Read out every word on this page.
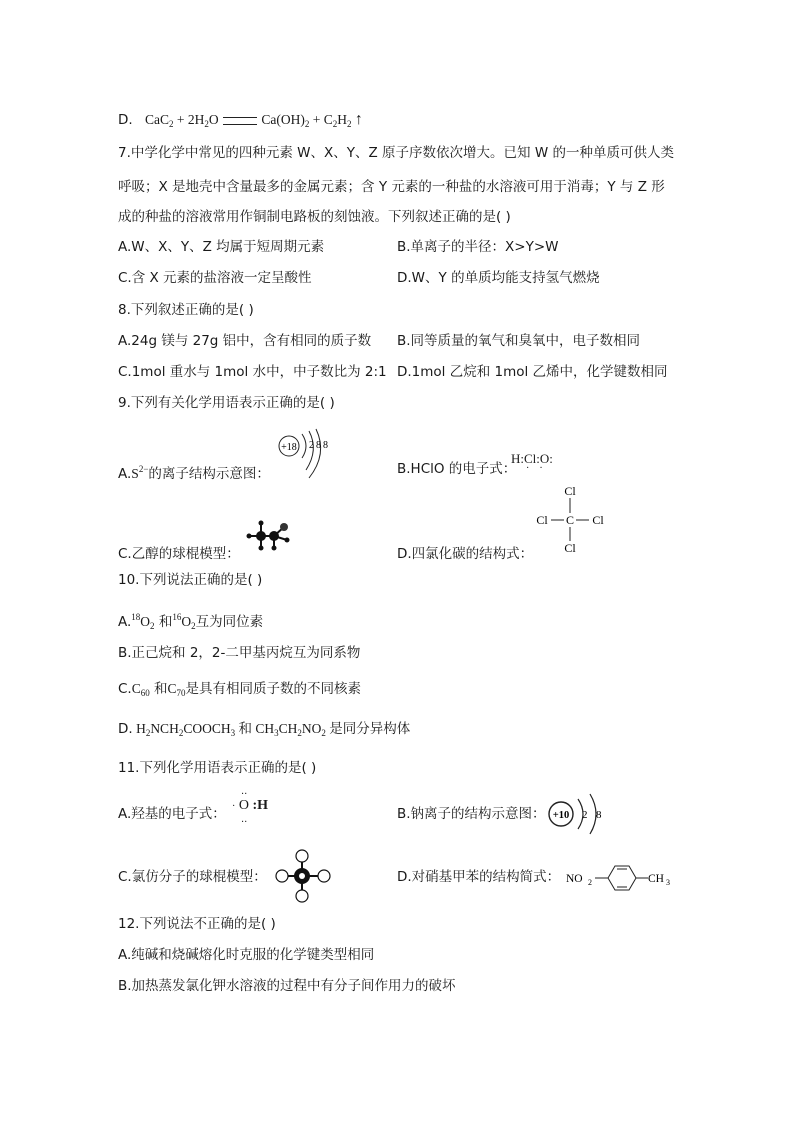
D. $CaC_2 + 2H_2O$	$Ca(OH)_2 + C_2H_2$ ↑
7.中学化学中常见的四种元素 W、X、Y、Z 原子序数依次增大。已知 W 的一种单质可供人类
呼吸；X 是地壳中含量最多的金属元素；含 Y 元素的一种盐的水溶液可用于消毒；Y 与 Z 形
成的种盐的溶液常用作铜制电路板的刻蚀液。下列叙述正确的是( )
A.W、X、Y、Z 均属于短周期元素	B.单离子的半径：X>Y>W
C.含 X 元素的盐溶液一定呈酸性	D.W、Y 的单质均能支持氢气燃烧
8.下列叙述正确的是( )
A.24g 镁与 27g 铝中，含有相同的质子数 B.同等质量的氧气和臭氧中，电子数相同
C.1mol 重水与 1mol 水中，中子数比为 2:1 D.1mol 乙烷和 1mol 乙烯中，化学键数相同
9.下列有关化学用语表示正确的是( )
$A.S^{2-}$的离子结构示意图：
+18 2 8 8
B.HClO 的电子式：
H:Cl:O:
··
C.乙醇的球棍模型：	D.四氯化碳的结构式：
Cl
C
Cl	Cl
Cl
10.下列说法正确的是( )
$A.^{18}O_2$ 和$^{16}O_2$互为同位素
B.正己烷和 2，2-二甲基丙烷互为同系物
$C.C_{60}$ 和$C_{70}$是具有相同质子数的不同核素
D. $H_2NCH_2COOCH_3$ 和 $CH_3CH_2NO_2$ 是同分异构体
11.下列化学用语表示正确的是( )
A.羟基的电子式： · O :H
··
··
B.钠离子的结构示意图： +10 2 8
C.氯仿分子的球棍模型：	D.对硝基甲苯的结构简式： NO 2	CH 3
12.下列说法不正确的是( )
A.纯碱和烧碱熔化时克服的化学键类型相同
B.加热蒸发氯化钾水溶液的过程中有分子间作用力的破坏
